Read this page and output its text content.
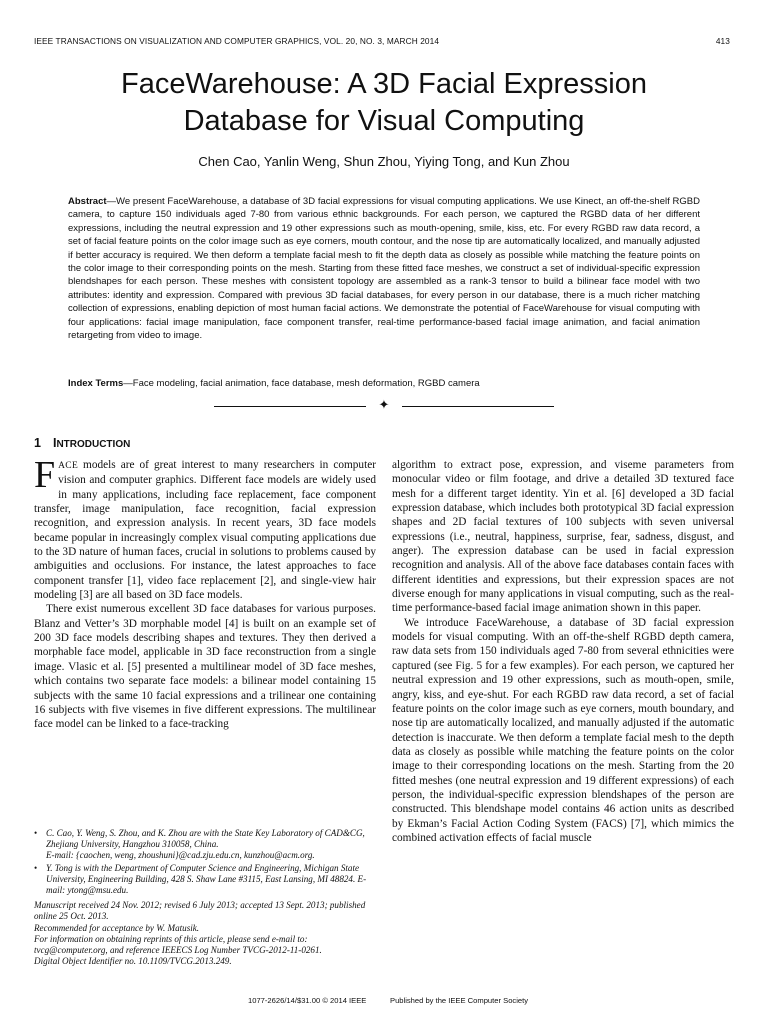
IEEE TRANSACTIONS ON VISUALIZATION AND COMPUTER GRAPHICS, VOL. 20, NO. 3, MARCH 2014	413
FaceWarehouse: A 3D Facial Expression
Database for Visual Computing
Chen Cao, Yanlin Weng, Shun Zhou, Yiying Tong, and Kun Zhou
Abstract—We present FaceWarehouse, a database of 3D facial expressions for visual computing applications. We use Kinect, an off-the-shelf RGBD camera, to capture 150 individuals aged 7-80 from various ethnic backgrounds. For each person, we captured the RGBD data of her different expressions, including the neutral expression and 19 other expressions such as mouth-opening, smile, kiss, etc. For every RGBD raw data record, a set of facial feature points on the color image such as eye corners, mouth contour, and the nose tip are automatically localized, and manually adjusted if better accuracy is required. We then deform a template facial mesh to fit the depth data as closely as possible while matching the feature points on the color image to their corresponding points on the mesh. Starting from these fitted face meshes, we construct a set of individual-specific expression blendshapes for each person. These meshes with consistent topology are assembled as a rank-3 tensor to build a bilinear face model with two attributes: identity and expression. Compared with previous 3D facial databases, for every person in our database, there is a much richer matching collection of expressions, enabling depiction of most human facial actions. We demonstrate the potential of FaceWarehouse for visual computing with four applications: facial image manipulation, face component transfer, real-time performance-based facial image animation, and facial animation retargeting from video to image.
Index Terms—Face modeling, facial animation, face database, mesh deformation, RGBD camera
✦
1 INTRODUCTION

FACE models are of great interest to many researchers in computer vision and computer graphics. Different face models are widely used in many applications, including face replacement, face component transfer, image manipulation, face recognition, facial expression recognition, and expression analysis. In recent years, 3D face models became popular in increasingly complex visual computing applications due to the 3D nature of human faces, crucial in solutions to problems caused by ambiguities and occlusions. For instance, the latest approaches to face component transfer [1], video face replacement [2], and single-view hair modeling [3] are all based on 3D face models.

There exist numerous excellent 3D face databases for various purposes. Blanz and Vetter’s 3D morphable model [4] is built on an example set of 200 3D face models describing shapes and textures. They then derived a morphable face model, applicable in 3D face reconstruction from a single image. Vlasic et al. [5] presented a multilinear model of 3D face meshes, which contains two separate face models: a bilinear model containing 15 subjects with the same 10 facial expressions and a trilinear one containing 16 subjects with five visemes in five different expressions. The multilinear face model can be linked to a face-tracking

algorithm to extract pose, expression, and viseme parameters from monocular video or film footage, and drive a detailed 3D textured face mesh for a different target identity. Yin et al. [6] developed a 3D facial expression database, which includes both prototypical 3D facial expression shapes and 2D facial textures of 100 subjects with seven universal expressions (i.e., neutral, happiness, surprise, fear, sadness, disgust, and anger). The expression database can be used in facial expression recognition and analysis. All of the above face databases contain faces with different identities and expressions, but their expression spaces are not diverse enough for many applications in visual computing, such as the real-time performance-based facial image animation shown in this paper.

We introduce FaceWarehouse, a database of 3D facial expression models for visual computing. With an off-the-shelf RGBD depth camera, raw data sets from 150 individuals aged 7-80 from several ethnicities were captured (see Fig. 5 for a few examples). For each person, we captured her neutral expression and 19 other expressions, such as mouth-open, smile, angry, kiss, and eye-shut. For each RGBD raw data record, a set of facial feature points on the color image such as eye corners, mouth boundary, and nose tip are automatically localized, and manually adjusted if the automatic detection is inaccurate. We then deform a template facial mesh to the depth data as closely as possible while matching the feature points on the color image to their corresponding locations on the mesh. Starting from the 20 fitted meshes (one neutral expression and 19 different expressions) of each person, the individual-specific expression blendshapes of the person are constructed. This blendshape model contains 46 action units as described by Ekman’s Facial Action Coding System (FACS) [7], which mimics the combined activation effects of facial muscle

• C. Cao, Y. Weng, S. Zhou, and K. Zhou are with the State Key Laboratory of CAD&CG, Zhejiang University, Hangzhou 310058, China.
E-mail: {caochen, weng, zhoushuni}@cad.zju.edu.cn, kunzhou@acm.org.
• Y. Tong is with the Department of Computer Science and Engineering, Michigan State University, Engineering Building, 428 S. Shaw Lane #3115, East Lansing, MI 48824. E-mail: ytong@msu.edu.
Manuscript received 24 Nov. 2012; revised 6 July 2013; accepted 13 Sept. 2013; published online 25 Oct. 2013.
Recommended for acceptance by W. Matusik.
For information on obtaining reprints of this article, please send e-mail to: tvcg@computer.org, and reference IEEECS Log Number TVCG-2012-11-0261.
Digital Object Identifier no. 10.1109/TVCG.2013.249.
1077-2626/14/$31.00 © 2014 IEEE	Published by the IEEE Computer Society
